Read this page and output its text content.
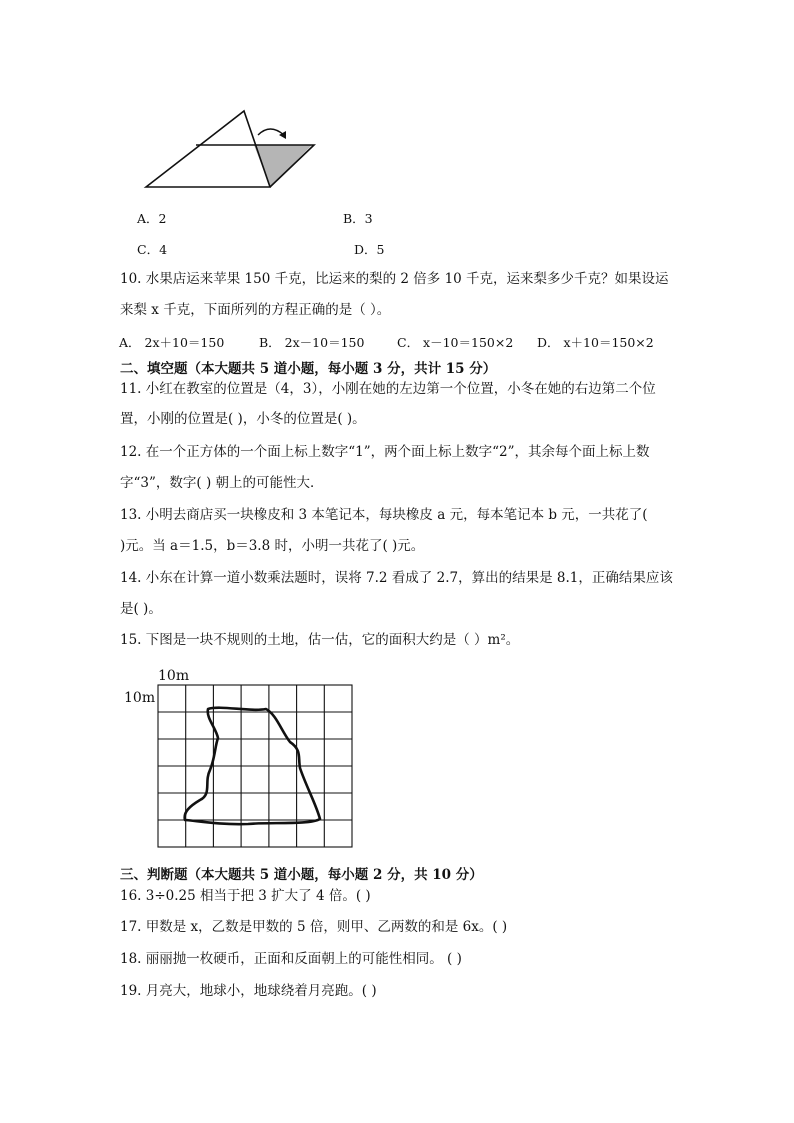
A．2	B．3
C．4	D．5
10. 水果店运来苹果 150 千克，比运来的梨的 2 倍多 10 千克，运来梨多少千克？如果设运
来梨 x 千克，下面所列的方程正确的是（ ）。
A． 2x＋10＝150	B． 2x－10＝150	C． x－10＝150×2 D． x＋10＝150×2
二、填空题（本大题共 5 道小题，每小题 3 分，共计 15 分）
11. 小红在教室的位置是（4，3），小刚在她的左边第一个位置，小冬在她的右边第二个位
置，小刚的位置是( )，小冬的位置是( )。
12. 在一个正方体的一个面上标上数字“1”，两个面上标上数字“2”，其余每个面上标上数
字“3”，数字( ) 朝上的可能性大．
13. 小明去商店买一块橡皮和 3 本笔记本，每块橡皮 a 元，每本笔记本 b 元，一共花了(
)元。当 a＝1.5，b＝3.8 时，小明一共花了( )元。
14. 小东在计算一道小数乘法题时，误将 7.2 看成了 2.7，算出的结果是 8.1，正确结果应该
是( )。
15. 下图是一块不规则的土地，估一估，它的面积大约是（ ）m²。
10m
10m
三、判断题（本大题共 5 道小题，每小题 2 分，共 10 分）
16. 3÷0.25 相当于把 3 扩大了 4 倍。( )
17. 甲数是 x，乙数是甲数的 5 倍，则甲、乙两数的和是 6x。( )
18. 丽丽抛一枚硬币，正面和反面朝上的可能性相同。 ( )
19. 月亮大，地球小，地球绕着月亮跑。( )
